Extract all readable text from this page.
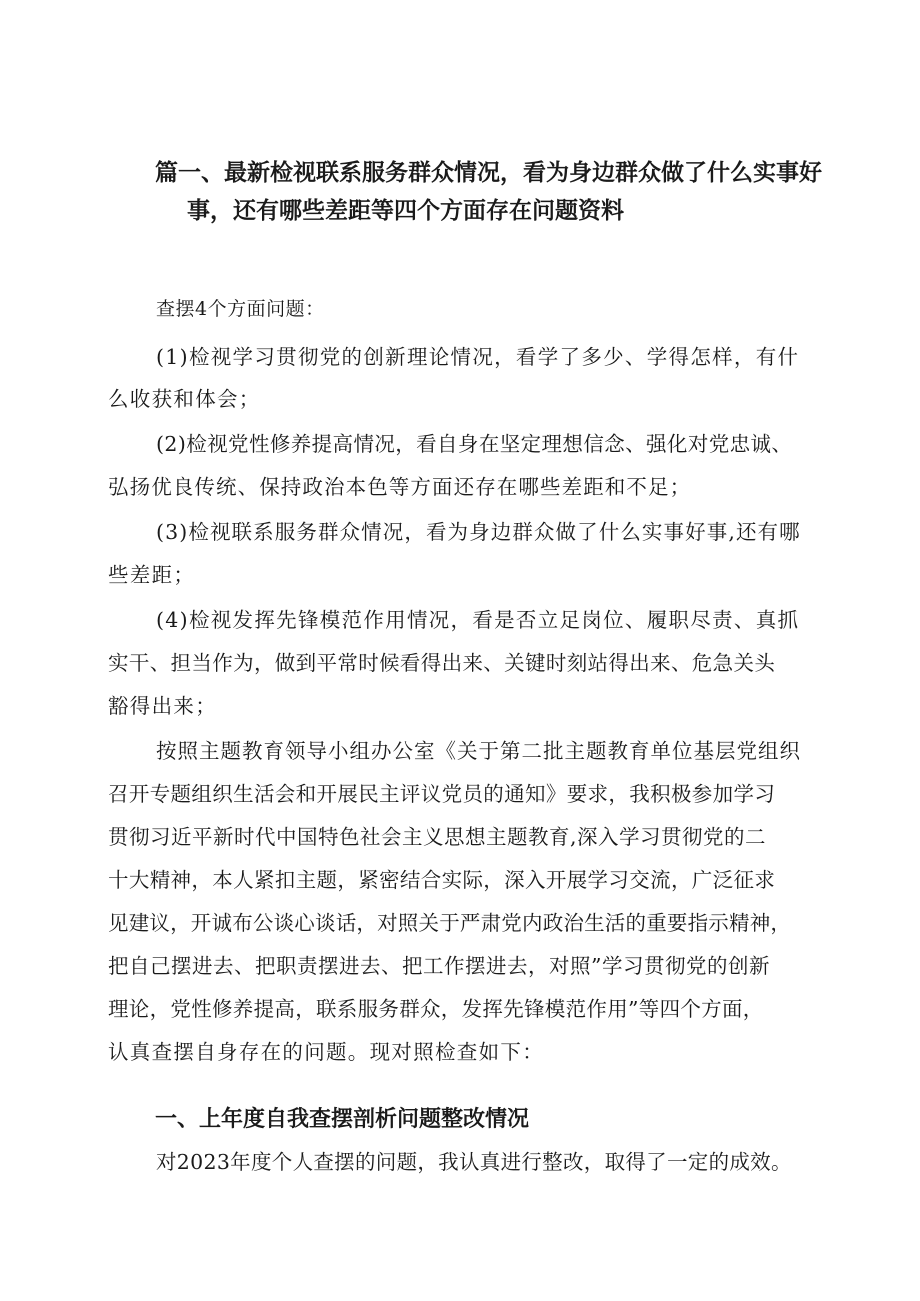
篇一、最新检视联系服务群众情况，看为身边群众做了什么实事好
事，还有哪些差距等四个方面存在问题资料
查摆4个方面问题：
(1)检视学习贯彻党的创新理论情况，看学了多少、学得怎样，有什
么收获和体会；
(2)检视党性修养提高情况，看自身在坚定理想信念、强化对党忠诚、
弘扬优良传统、保持政治本色等方面还存在哪些差距和不足；
(3)检视联系服务群众情况，看为身边群众做了什么实事好事,还有哪
些差距；
(4)检视发挥先锋模范作用情况，看是否立足岗位、履职尽责、真抓
实干、担当作为，做到平常时候看得出来、关键时刻站得出来、危急关头
豁得出来；
按照主题教育领导小组办公室《关于第二批主题教育单位基层党组织
召开专题组织生活会和开展民主评议党员的通知》要求，我积极参加学习
贯彻习近平新时代中国特色社会主义思想主题教育,深入学习贯彻党的二
十大精神，本人紧扣主题，紧密结合实际，深入开展学习交流，广泛征求
见建议，开诚布公谈心谈话，对照关于严肃党内政治生活的重要指示精神，
把自己摆进去、把职责摆进去、把工作摆进去，对照”学习贯彻党的创新
理论，党性修养提高，联系服务群众，发挥先锋模范作用”等四个方面，
认真查摆自身存在的问题。现对照检查如下：
对2023年度个人查摆的问题，我认真进行整改，取得了一定的成效。
一、上年度自我查摆剖析问题整改情况
